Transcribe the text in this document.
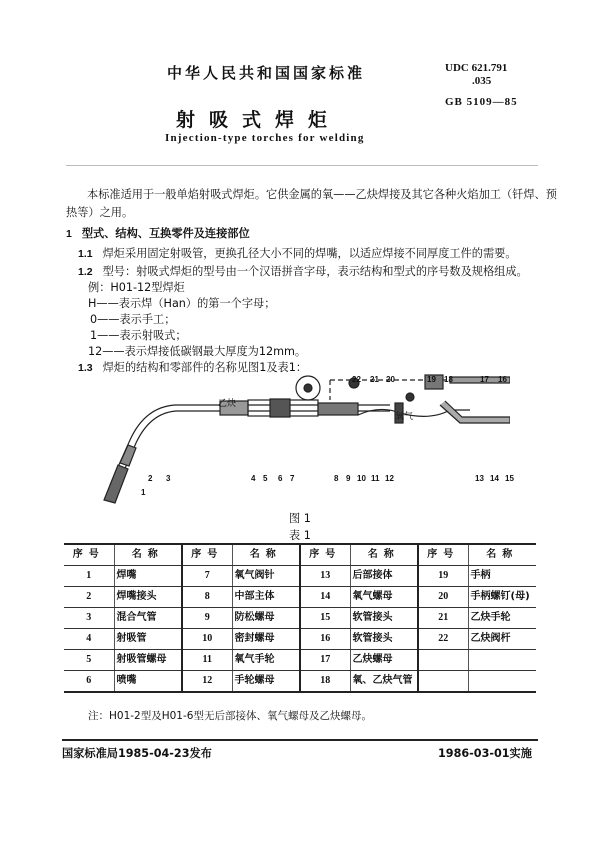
中华人民共和国国家标准	UDC 621.791
.035
GB 5109—85
射吸式焊炬
Injection-type torches for welding
本标准适用于一般单焰射吸式焊炬。它供金属的氧——乙炔焊接及其它各种火焰加工（钎焊、预
热等）之用。
1 型式、结构、互换零件及连接部位
1.1 焊炬采用固定射吸管，更换孔径大小不同的焊嘴，以适应焊接不同厚度工件的需要。
1.2 型号：射吸式焊炬的型号由一个汉语拼音字母，表示结构和型式的序号数及规格组成。
例：H01-12型焊炬
H——表示焊（Han）的第一个字母；
0——表示手工；
1——表示射吸式；
12——表示焊接低碳钢最大厚度为12mm。
1.3 焊炬的结构和零部件的名称见图1及表1：
乙炔
氧气
1
2 3	4 5 6 7	8 9 10 11 12	13 14 15
16
17
18
19
20
21
22
图 1
表 1
序号	名称	序号	名称	序号	名称	序号	名称
1	焊嘴	7	氧气阀针	13	后部接体	19	手柄
2	焊嘴接头	8	中部主体	14	氧气螺母	20	手柄螺钉(母)
3	混合气管	9	防松螺母	15	软管接头	21	乙炔手轮
4	射吸管	10	密封螺母	16	软管接头	22	乙炔阀杆
5	射吸管螺母	11	氧气手轮	17	乙炔螺母		
6	喷嘴	12	手轮螺母	18	氧、乙炔气管		
注：H01-2型及H01-6型无后部接体、氧气螺母及乙炔螺母。
国家标准局1985-04-23发布	1986-03-01实施
